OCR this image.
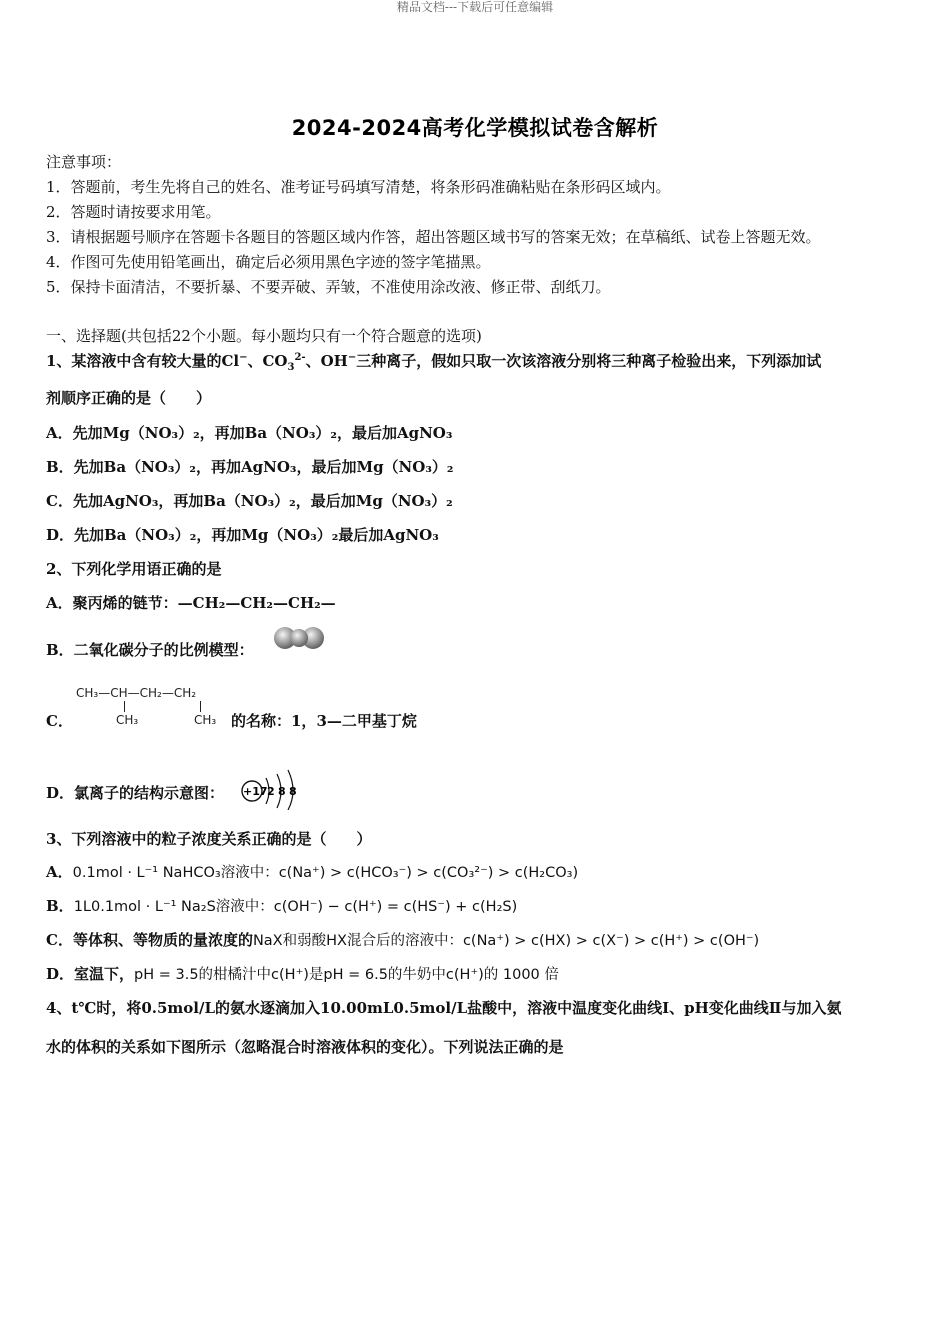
精品文档---下载后可任意编辑
2024-2024高考化学模拟试卷含解析
注意事项：
1．答题前，考生先将自己的姓名、准考证号码填写清楚，将条形码准确粘贴在条形码区域内。
2．答题时请按要求用笔。
3．请根据题号顺序在答题卡各题目的答题区域内作答，超出答题区域书写的答案无效；在草稿纸、试卷上答题无效。
4．作图可先使用铅笔画出，确定后必须用黑色字迹的签字笔描黑。
5．保持卡面清洁，不要折暴、不要弄破、弄皱，不准使用涂改液、修正带、刮纸刀。
一、选择题(共包括22个小题。每小题均只有一个符合题意的选项)
1、某溶液中含有较大量的Cl−、$CO_3^{2-}$、OH−三种离子，假如只取一次该溶液分别将三种离子检验出来，下列添加试
剂顺序正确的是（　　）
A．先加Mg（NO₃）₂，再加Ba（NO₃）₂，最后加AgNO₃
B．先加Ba（NO₃）₂，再加AgNO₃，最后加Mg（NO₃）₂
C．先加AgNO₃，再加Ba（NO₃）₂，最后加Mg（NO₃）₂
D．先加Ba（NO₃）₂，再加Mg（NO₃）₂最后加AgNO₃
2、下列化学用语正确的是
A．聚丙烯的链节：—CH₂—CH₂—CH₂—
B．二氧化碳分子的比例模型：
C．
CH₃—CH—CH₂—CH₂
CH₃	CH₃ 的名称：1，3—二甲基丁烷
D．氯离子的结构示意图： +17 2 8 8
3、下列溶液中的粒子浓度关系正确的是（　　）
A．0.1mol · L⁻¹ NaHCO₃溶液中：c(Na⁺) > c(HCO₃⁻) > c(CO₃²⁻) > c(H₂CO₃)
B．1L0.1mol · L⁻¹ Na₂S溶液中：c(OH⁻) − c(H⁺) = c(HS⁻) + c(H₂S)
C．等体积、等物质的量浓度的NaX和弱酸HX混合后的溶液中：c(Na⁺) > c(HX) > c(X⁻) > c(H⁺) > c(OH⁻)
D．室温下，pH = 3.5的柑橘汁中c(H⁺)是pH = 6.5的牛奶中c(H⁺)的 1000 倍
4、t℃时，将0.5mol/L的氨水逐滴加入10.00mL0.5mol/L盐酸中，溶液中温度变化曲线Ⅰ、pH变化曲线Ⅱ与加入氨
水的体积的关系如下图所示（忽略混合时溶液体积的变化）。下列说法正确的是
